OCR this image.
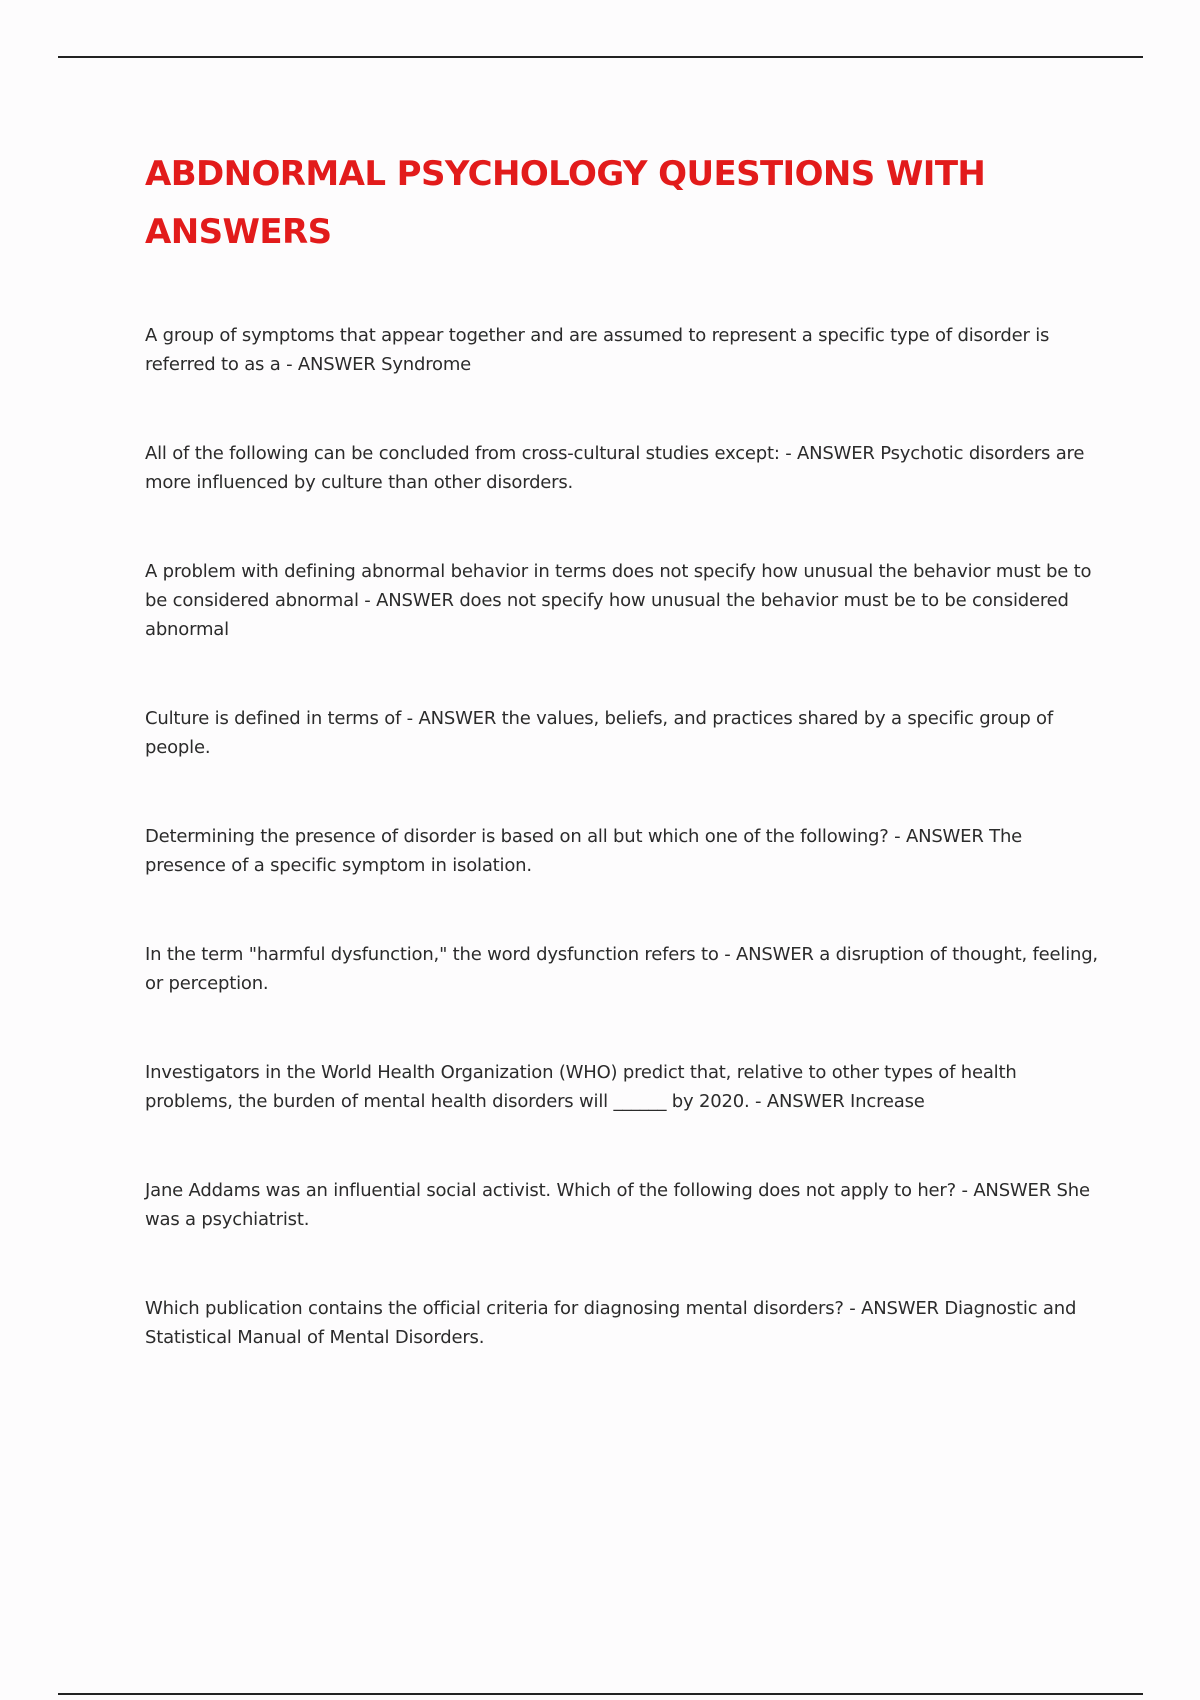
ABDNORMAL PSYCHOLOGY QUESTIONS WITH ANSWERS

A group of symptoms that appear together and are assumed to represent a specific type of disorder is referred to as a - ANSWER Syndrome

All of the following can be concluded from cross-cultural studies except: - ANSWER Psychotic disorders are more influenced by culture than other disorders.

A problem with defining abnormal behavior in terms does not specify how unusual the behavior must be to be considered abnormal - ANSWER does not specify how unusual the behavior must be to be considered abnormal

Culture is defined in terms of - ANSWER the values, beliefs, and practices shared by a specific group of people.

Determining the presence of disorder is based on all but which one of the following? - ANSWER The presence of a specific symptom in isolation.

In the term "harmful dysfunction," the word dysfunction refers to - ANSWER a disruption of thought, feeling, or perception.

Investigators in the World Health Organization (WHO) predict that, relative to other types of health problems, the burden of mental health disorders will ______ by 2020. - ANSWER Increase

Jane Addams was an influential social activist. Which of the following does not apply to her? - ANSWER She was a psychiatrist.

Which publication contains the official criteria for diagnosing mental disorders? - ANSWER Diagnostic and Statistical Manual of Mental Disorders.
